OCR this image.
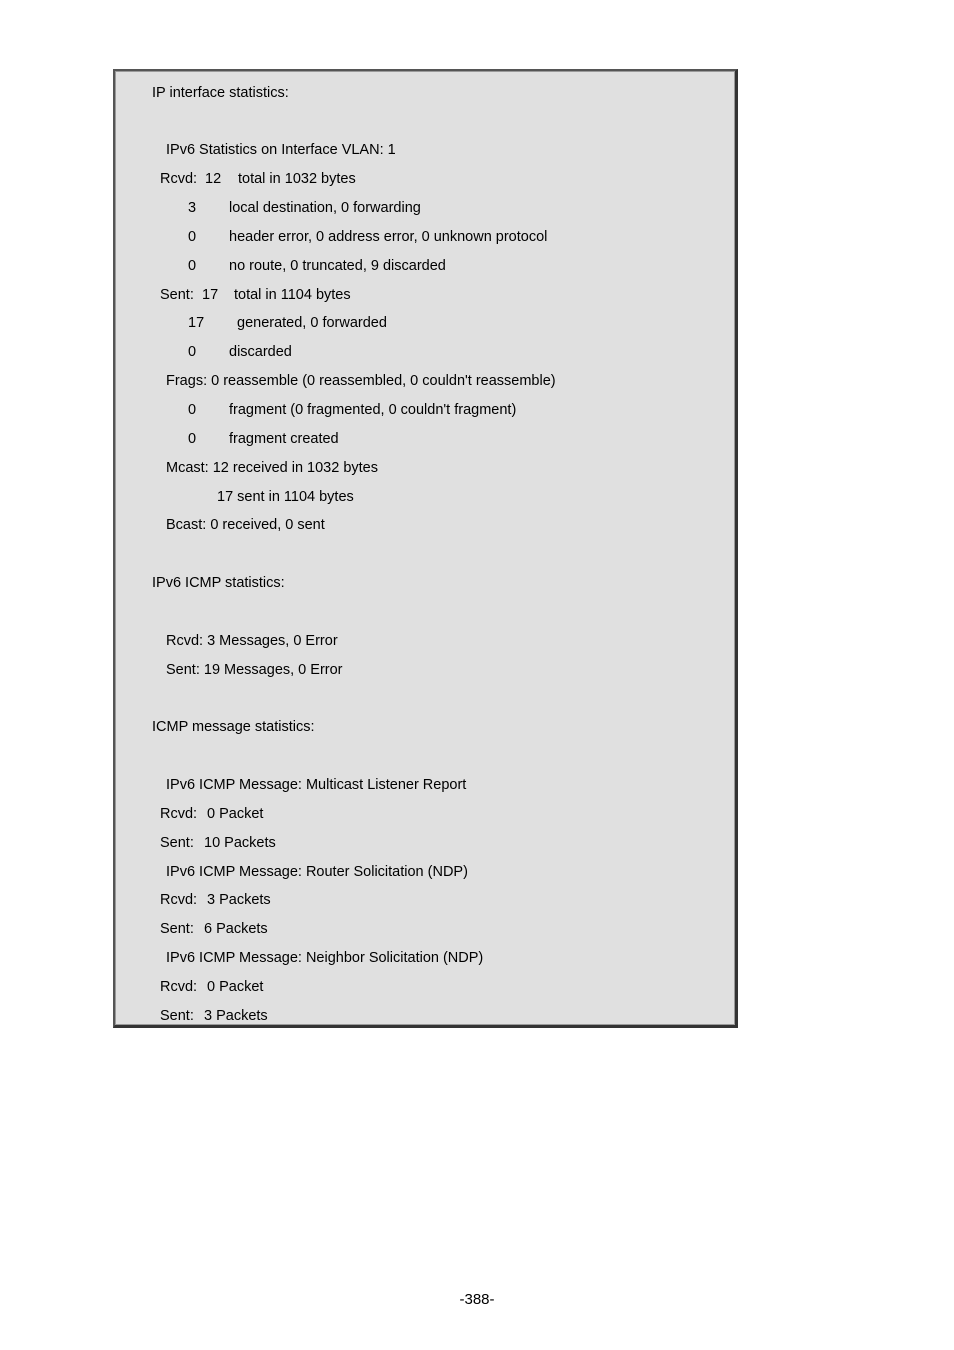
-388-
IP interface statistics:
IPv6 Statistics on Interface VLAN: 1
Rcvd: 12 total in 1032 bytes
3 local destination, 0 forwarding
0 header error, 0 address error, 0 unknown protocol
0 no route, 0 truncated, 9 discarded
Sent: 17 total in 1104 bytes
17 generated, 0 forwarded
0 discarded
Frags: 0 reassemble (0 reassembled, 0 couldn't reassemble)
0 fragment (0 fragmented, 0 couldn't fragment)
0 fragment created
Mcast: 12 received in 1032 bytes
17 sent in 1104 bytes
Bcast: 0 received, 0 sent
IPv6 ICMP statistics:
Rcvd: 3 Messages, 0 Error
Sent: 19 Messages, 0 Error
ICMP message statistics:
IPv6 ICMP Message: Multicast Listener Report
Rcvd: 0 Packet
Sent: 10 Packets
IPv6 ICMP Message: Router Solicitation (NDP)
Rcvd: 3 Packets
Sent: 6 Packets
IPv6 ICMP Message: Neighbor Solicitation (NDP)
Rcvd: 0 Packet
Sent: 3 Packets
